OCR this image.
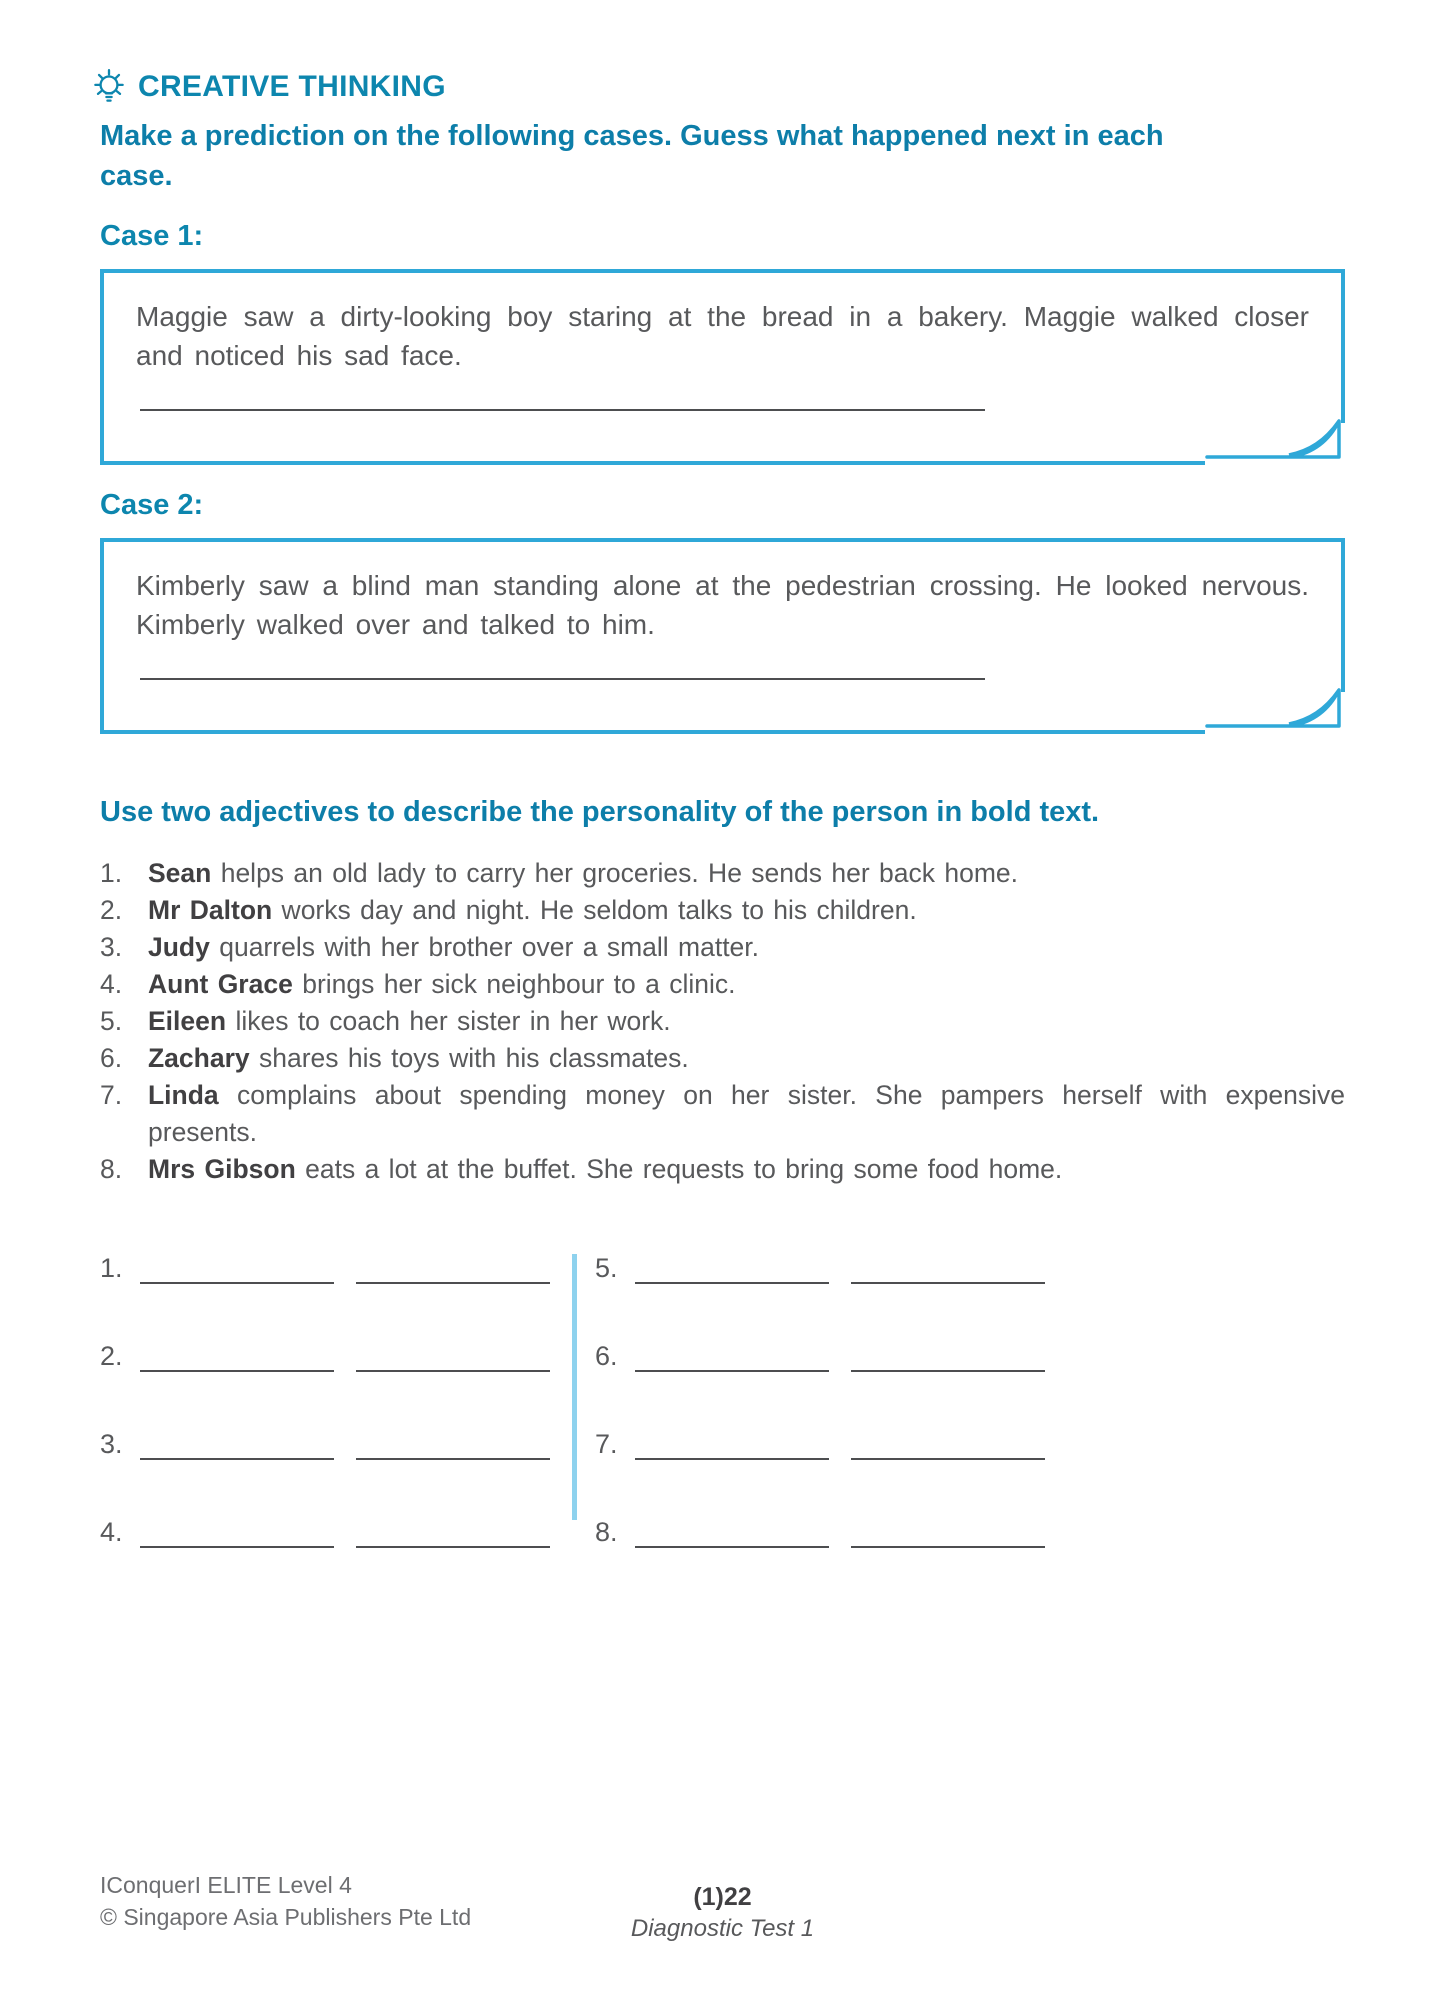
CREATIVE THINKING

Make a prediction on the following cases. Guess what happened next in each case.

Case 1:

Maggie saw a dirty-looking boy staring at the bread in a bakery. Maggie walked closer and noticed his sad face.

Case 2:

Kimberly saw a blind man standing alone at the pedestrian crossing. He looked nervous. Kimberly walked over and talked to him.

Use two adjectives to describe the personality of the person in bold text.
1. Sean helps an old lady to carry her groceries. He sends her back home.
2. Mr Dalton works day and night. He seldom talks to his children.
3. Judy quarrels with her brother over a small matter.
4. Aunt Grace brings her sick neighbour to a clinic.
5. Eileen likes to coach her sister in her work.
6. Zachary shares his toys with his classmates.
7. Linda complains about spending money on her sister. She pampers herself with expensive presents.
8. Mrs Gibson eats a lot at the buffet. She requests to bring some food home.
1.
2.
3.
4.
5.
6.
7.
8.
IConquerI ELITE Level 4
© Singapore Asia Publishers Pte Ltd
(1)22
Diagnostic Test 1
